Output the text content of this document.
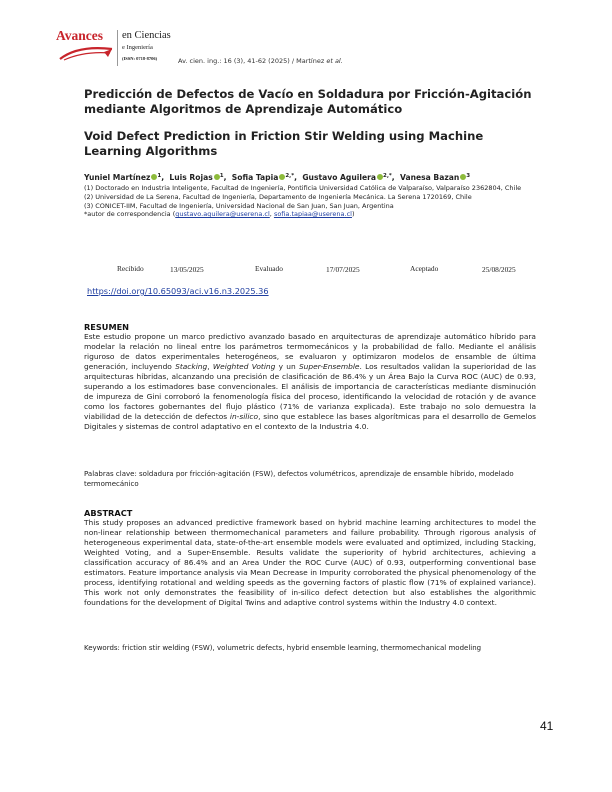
Avances en Ciencias
e Ingeniería
(ISSN: 0718-8706)	Av. cien. ing.: 16 (3), 41-62 (2025) / Martínez et al.
Predicción de Defectos de Vacío en Soldadura por Fricción-Agitación mediante Algoritmos de Aprendizaje Automático
Void Defect Prediction in Friction Stir Welding using Machine Learning Algorithms
Yuniel Martínez $^1$,  Luis Rojas $^1$,  Sofia Tapia $^{2,*}$,  Gustavo Aguilera $^{2,*}$,  Vanesa Bazan $^3$
(1) Doctorado en Industria Inteligente, Facultad de Ingeniería, Pontificia Universidad Católica de Valparaíso, Valparaíso 2362804, Chile
(2) Universidad de La Serena, Facultad de Ingeniería, Departamento de Ingeniería Mecánica. La Serena 1720169, Chile
(3) CONICET-IIM, Facultad de Ingeniería, Universidad Nacional de San Juan, San Juan, Argentina
*autor de correspondencia (gustavo.aguilera@userena.cl, sofia.tapiaa@userena.cl)
Recibido	13/05/2025	Evaluado	17/07/2025	Aceptado	25/08/2025
https://doi.org/10.65093/aci.v16.n3.2025.36
RESUMEN
Este estudio propone un marco predictivo avanzado basado en arquitecturas de aprendizaje automático híbrido para modelar la relación no lineal entre los parámetros termomecánicos y la probabilidad de fallo. Mediante el análisis riguroso de datos experimentales heterogéneos, se evaluaron y optimizaron modelos de ensamble de última generación, incluyendo Stacking, Weighted Voting y un Super-Ensemble. Los resultados validan la superioridad de las arquitecturas híbridas, alcanzando una precisión de clasificación de 86.4% y un Área Bajo la Curva ROC (AUC) de 0.93, superando a los estimadores base convencionales. El análisis de importancia de características mediante disminución de impureza de Gini corroboró la fenomenología física del proceso, identificando la velocidad de rotación y de avance como los factores gobernantes del flujo plástico (71% de varianza explicada). Este trabajo no solo demuestra la viabilidad de la detección de defectos in-silico, sino que establece las bases algorítmicas para el desarrollo de Gemelos Digitales y sistemas de control adaptativo en el contexto de la Industria 4.0.
Palabras clave: soldadura por fricción-agitación (FSW), defectos volumétricos, aprendizaje de ensamble híbrido, modelado termomecánico
ABSTRACT
This study proposes an advanced predictive framework based on hybrid machine learning architectures to model the non-linear relationship between thermomechanical parameters and failure probability. Through rigorous analysis of heterogeneous experimental data, state-of-the-art ensemble models were evaluated and optimized, including Stacking, Weighted Voting, and a Super-Ensemble. Results validate the superiority of hybrid architectures, achieving a classification accuracy of 86.4% and an Area Under the ROC Curve (AUC) of 0.93, outperforming conventional base estimators. Feature importance analysis via Mean Decrease in Impurity corroborated the physical phenomenology of the process, identifying rotational and welding speeds as the governing factors of plastic flow (71% of explained variance). This work not only demonstrates the feasibility of in-silico defect detection but also establishes the algorithmic foundations for the development of Digital Twins and adaptive control systems within the Industry 4.0 context.
Keywords: friction stir welding (FSW), volumetric defects, hybrid ensemble learning, thermomechanical modeling
41
